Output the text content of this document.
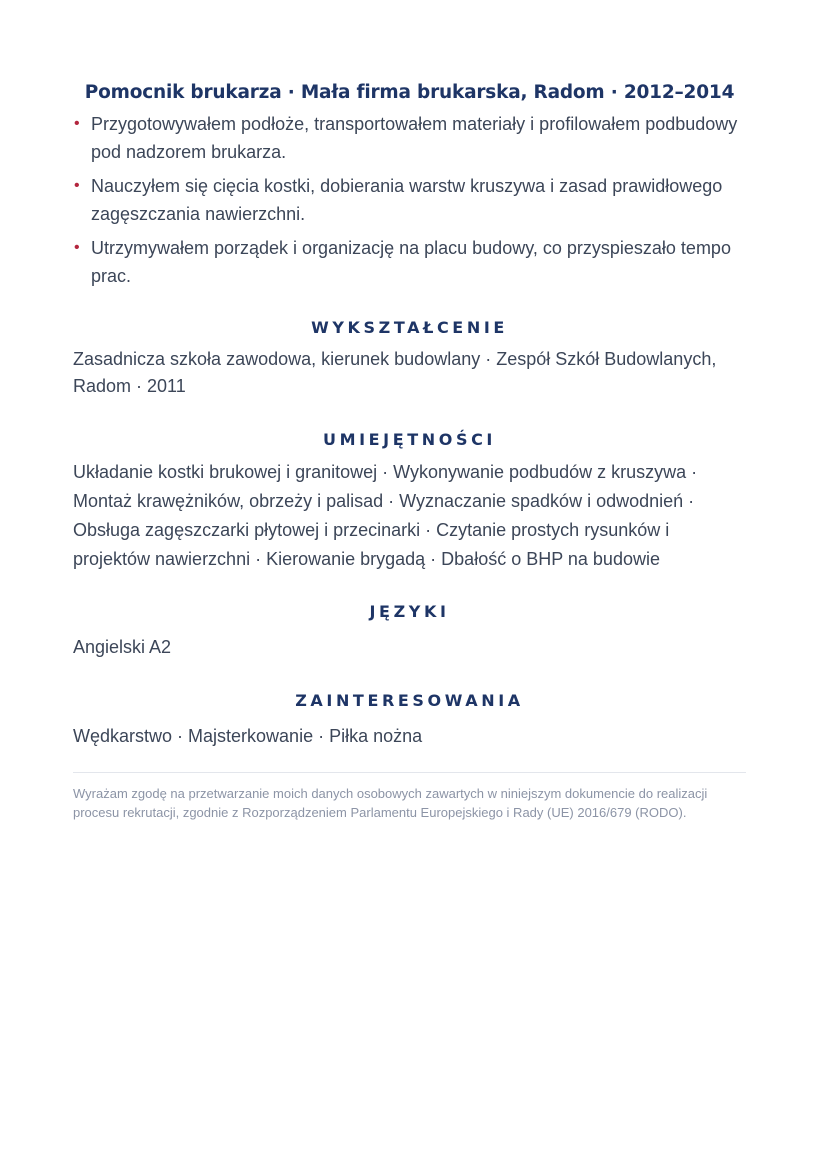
Pomocnik brukarza · Mała firma brukarska, Radom · 2012–2014
• Przygotowywałem podłoże, transportowałem materiały i profilowałem podbudowy pod nadzorem brukarza.
• Nauczyłem się cięcia kostki, dobierania warstw kruszywa i zasad prawidłowego zagęszczania nawierzchni.
• Utrzymywałem porządek i organizację na placu budowy, co przyspieszało tempo prac.
WYKSZTAŁCENIE

Zasadnicza szkoła zawodowa, kierunek budowlany · Zespół Szkół Budowlanych, Radom · 2011

UMIEJĘTNOŚCI

Układanie kostki brukowej i granitowej · Wykonywanie podbudów z kruszywa · Montaż krawężników, obrzeży i palisad · Wyznaczanie spadków i odwodnień · Obsługa zagęszczarki płytowej i przecinarki · Czytanie prostych rysunków i projektów nawierzchni · Kierowanie brygadą · Dbałość o BHP na budowie

JĘZYKI

Angielski A2

ZAINTERESOWANIA

Wędkarstwo · Majsterkowanie · Piłka nożna

Wyrażam zgodę na przetwarzanie moich danych osobowych zawartych w niniejszym dokumencie do realizacji procesu rekrutacji, zgodnie z Rozporządzeniem Parlamentu Europejskiego i Rady (UE) 2016/679 (RODO).
